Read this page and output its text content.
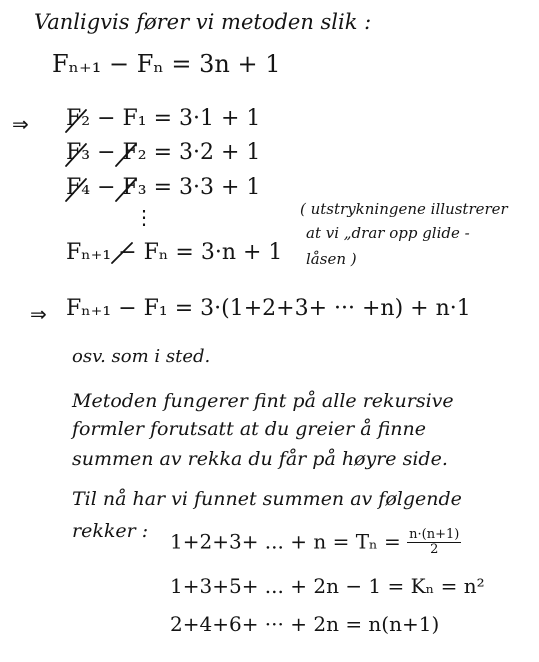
Vanligvis fører vi metoden slik :
Fₙ₊₁ − Fₙ = 3n + 1
⇒ F₂ − F₁ = 3·1 + 1
F₃ − F₂ = 3·2 + 1
F₄ − F₃ = 3·3 + 1
⋮
Fₙ₊₁ − Fₙ = 3·n + 1
( utstrykningene illustrerer
at vi „drar opp glide -
låsen )
⇒ Fₙ₊₁ − F₁ = 3·(1+2+3+ ··· +n) + n·1
osv. som i sted.
Metoden fungerer fint på alle rekursive
formler forutsatt at du greier å finne
summen av rekka du får på høyre side.
Til nå har vi funnet summen av følgende
rekker : 1+2+3+ ... + $n = T_n = \frac{n\cdot(n+1)}{2}$
1+3+5+ ... + 2n − 1 = Kₙ = n²
2+4+6+ ··· + 2n = n(n+1)
